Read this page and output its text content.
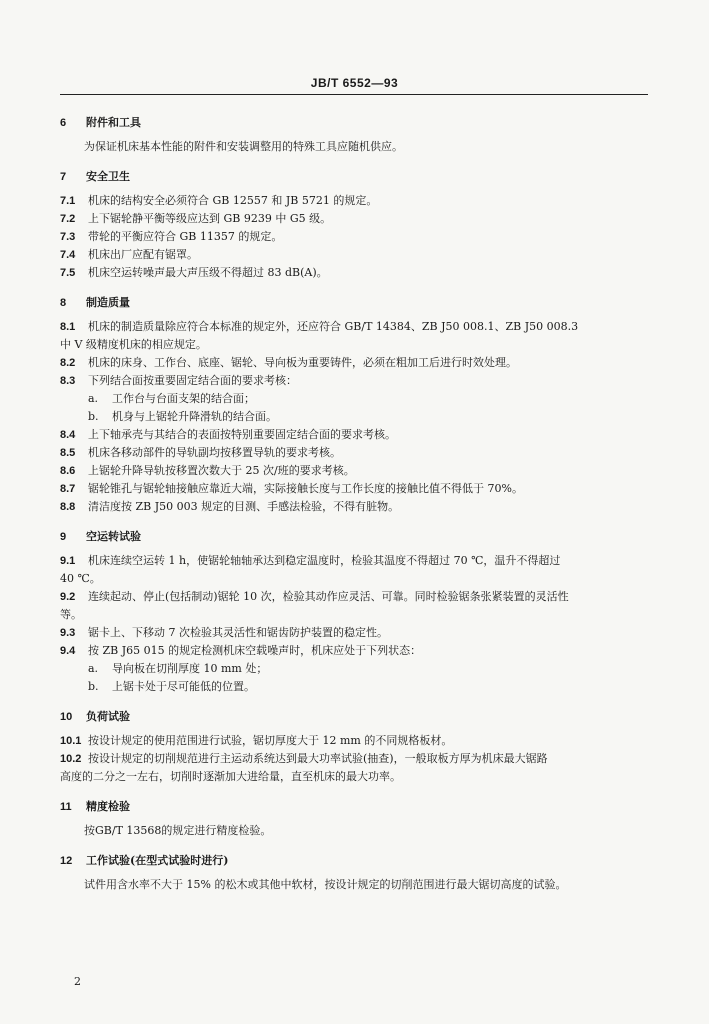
JB/T 6552—93
6 附件和工具
为保证机床基本性能的附件和安装调整用的特殊工具应随机供应。
7 安全卫生
7.1 机床的结构安全必须符合 GB 12557 和 JB 5721 的规定。
7.2 上下锯轮静平衡等级应达到 GB 9239 中 G5 级。
7.3 带轮的平衡应符合 GB 11357 的规定。
7.4 机床出厂应配有锯罩。
7.5 机床空运转噪声最大声压级不得超过 83 dB(A)。
8 制造质量
8.1 机床的制造质量除应符合本标准的规定外，还应符合 GB/T 14384、ZB J50 008.1、ZB J50 008.3
中 V 级精度机床的相应规定。
8.2 机床的床身、工作台、底座、锯轮、导向板为重要铸件，必须在粗加工后进行时效处理。
8.3 下列结合面按重要固定结合面的要求考核：
a. 工作台与台面支架的结合面；
b. 机身与上锯轮升降滑轨的结合面。
8.4 上下轴承壳与其结合的表面按特别重要固定结合面的要求考核。
8.5 机床各移动部件的导轨副均按移置导轨的要求考核。
8.6 上锯轮升降导轨按移置次数大于 25 次/班的要求考核。
8.7 锯轮锥孔与锯轮轴接触应靠近大端，实际接触长度与工作长度的接触比值不得低于 70%。
8.8 清洁度按 ZB J50 003 规定的目测、手感法检验，不得有脏物。
9 空运转试验
9.1 机床连续空运转 1 h，使锯轮轴轴承达到稳定温度时，检验其温度不得超过 70 ℃，温升不得超过
40 ℃。
9.2 连续起动、停止(包括制动)锯轮 10 次，检验其动作应灵活、可靠。同时检验锯条张紧装置的灵活性
等。
9.3 锯卡上、下移动 7 次检验其灵活性和锯齿防护装置的稳定性。
9.4 按 ZB J65 015 的规定检测机床空载噪声时，机床应处于下列状态：
a. 导向板在切削厚度 10 mm 处；
b. 上锯卡处于尽可能低的位置。
10 负荷试验
10.1 按设计规定的使用范围进行试验，锯切厚度大于 12 mm 的不同规格板材。
10.2 按设计规定的切削规范进行主运动系统达到最大功率试验(抽查)，一般取板方厚为机床最大锯路
高度的二分之一左右，切削时逐渐加大进给量，直至机床的最大功率。
11 精度检验
按GB/T 13568的规定进行精度检验。
12 工作试验(在型式试验时进行)
试件用含水率不大于 15% 的松木或其他中软材，按设计规定的切削范围进行最大锯切高度的试验。
2
